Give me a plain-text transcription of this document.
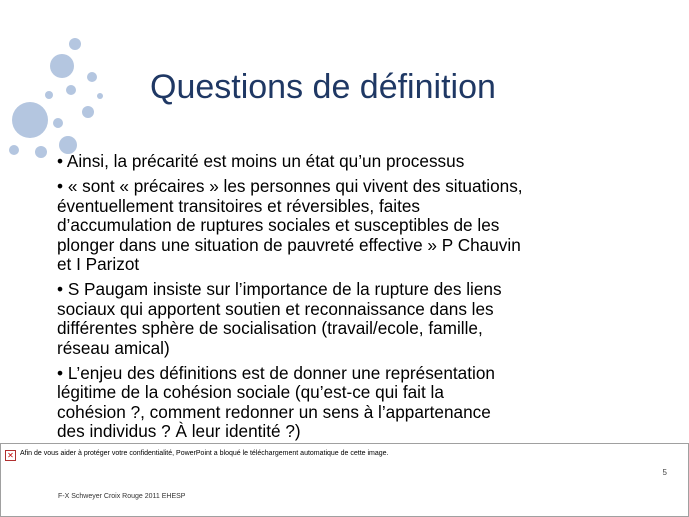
Questions de définition
• Ainsi, la précarité est moins un état qu’un processus
• « sont « précaires » les personnes qui vivent des situations,
éventuellement transitoires et réversibles, faites
d’accumulation de ruptures sociales et susceptibles de les
plonger dans une situation de pauvreté effective » P Chauvin
et I Parizot
• S Paugam insiste sur l’importance de la rupture des liens
sociaux qui apportent soutien et reconnaissance dans les
différentes sphère de socialisation (travail/ecole, famille,
réseau amical)
• L’enjeu des définitions est de donner une représentation
légitime de la cohésion sociale (qu’est-ce qui fait la
cohésion ?, comment redonner un sens à l’appartenance
des individus ? À leur identité ?)
✕ Afin de vous aider à protéger votre confidentialité, PowerPoint a bloqué le téléchargement automatique de cette image.
5
F-X Schweyer Croix Rouge 2011 EHESP
